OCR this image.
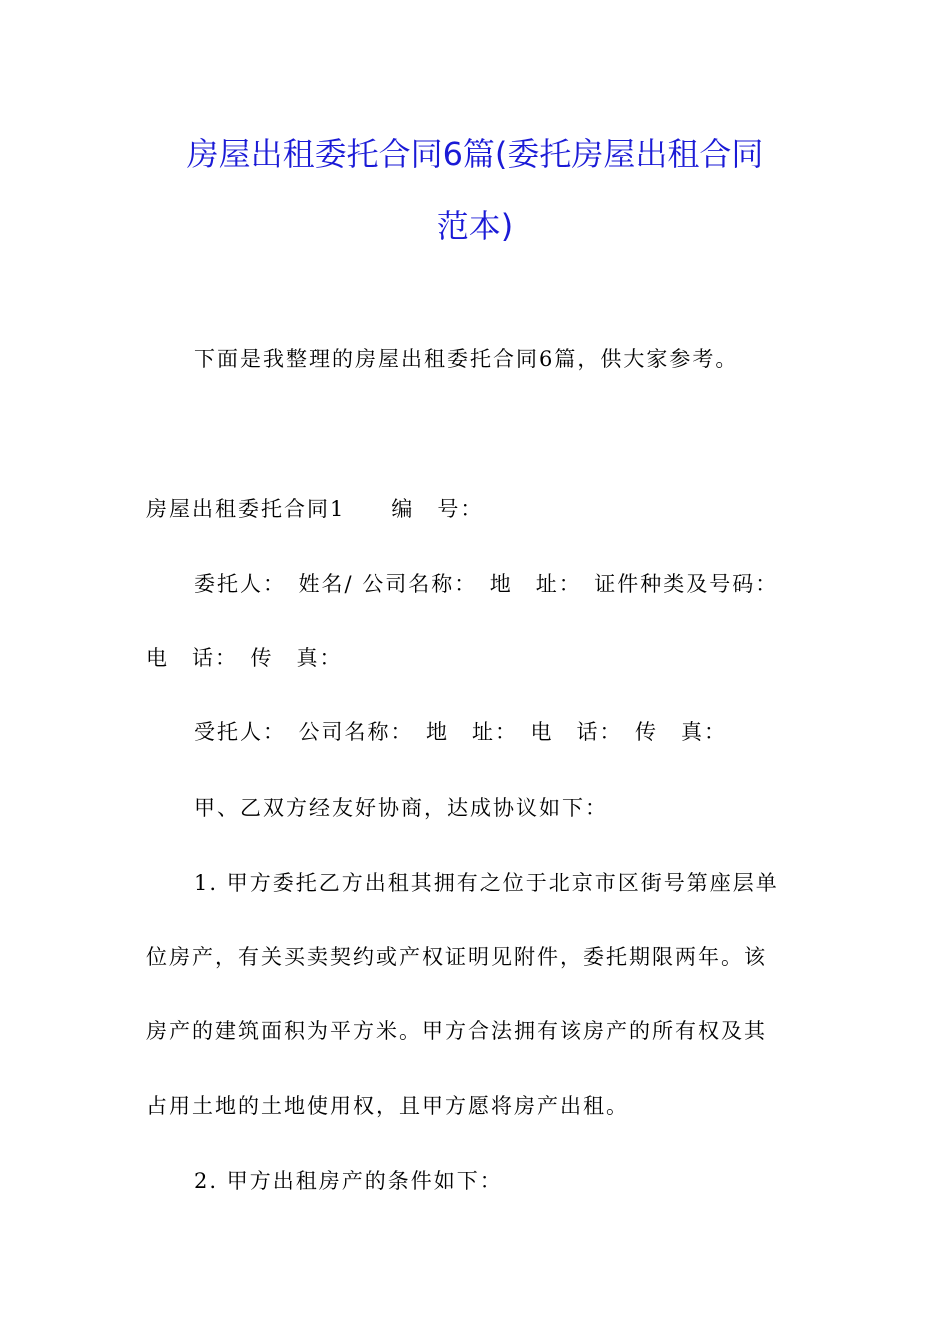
房屋出租委托合同6篇(委托房屋出租合同
范本)
下面是我整理的房屋出租委托合同6篇，供大家参考。
房屋出租委托合同1　　编　号：
委托人：　姓名/ 公司名称：　地　址：　证件种类及号码：
电　话：　传　真：
受托人：　公司名称：　地　址：　电　话：　传　真：
甲、乙双方经友好协商，达成协议如下：
1. 甲方委托乙方出租其拥有之位于北京市区街号第座层单
位房产，有关买卖契约或产权证明见附件，委托期限两年。该
房产的建筑面积为平方米。甲方合法拥有该房产的所有权及其
占用土地的土地使用权，且甲方愿将房产出租。
2. 甲方出租房产的条件如下：
